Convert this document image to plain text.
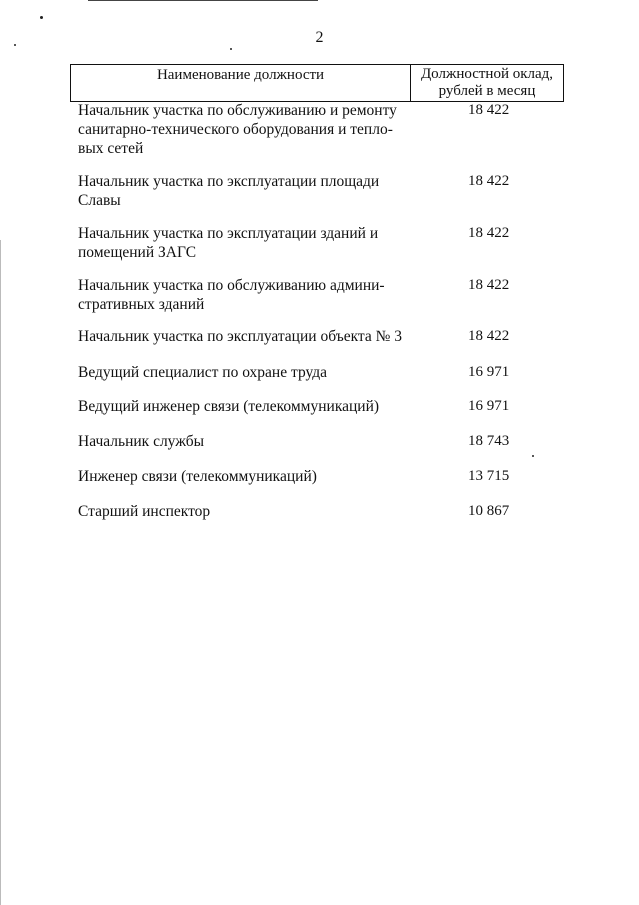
2
Наименование должности	Должностной оклад,
рублей в месяц
Начальник участка по обслуживанию и ремонту
санитарно-технического оборудования и тепло-
вых сетей
18 422
Начальник участка по эксплуатации площади
Славы
18 422
Начальник участка по эксплуатации зданий и
помещений ЗАГС
18 422
Начальник участка по обслуживанию админи-
стративных зданий
18 422
Начальник участка по эксплуатации объекта № 3	18 422
Ведущий специалист по охране труда	16 971
Ведущий инженер связи (телекоммуникаций)	16 971
Начальник службы	18 743
Инженер связи (телекоммуникаций)	13 715
Старший инспектор	10 867
